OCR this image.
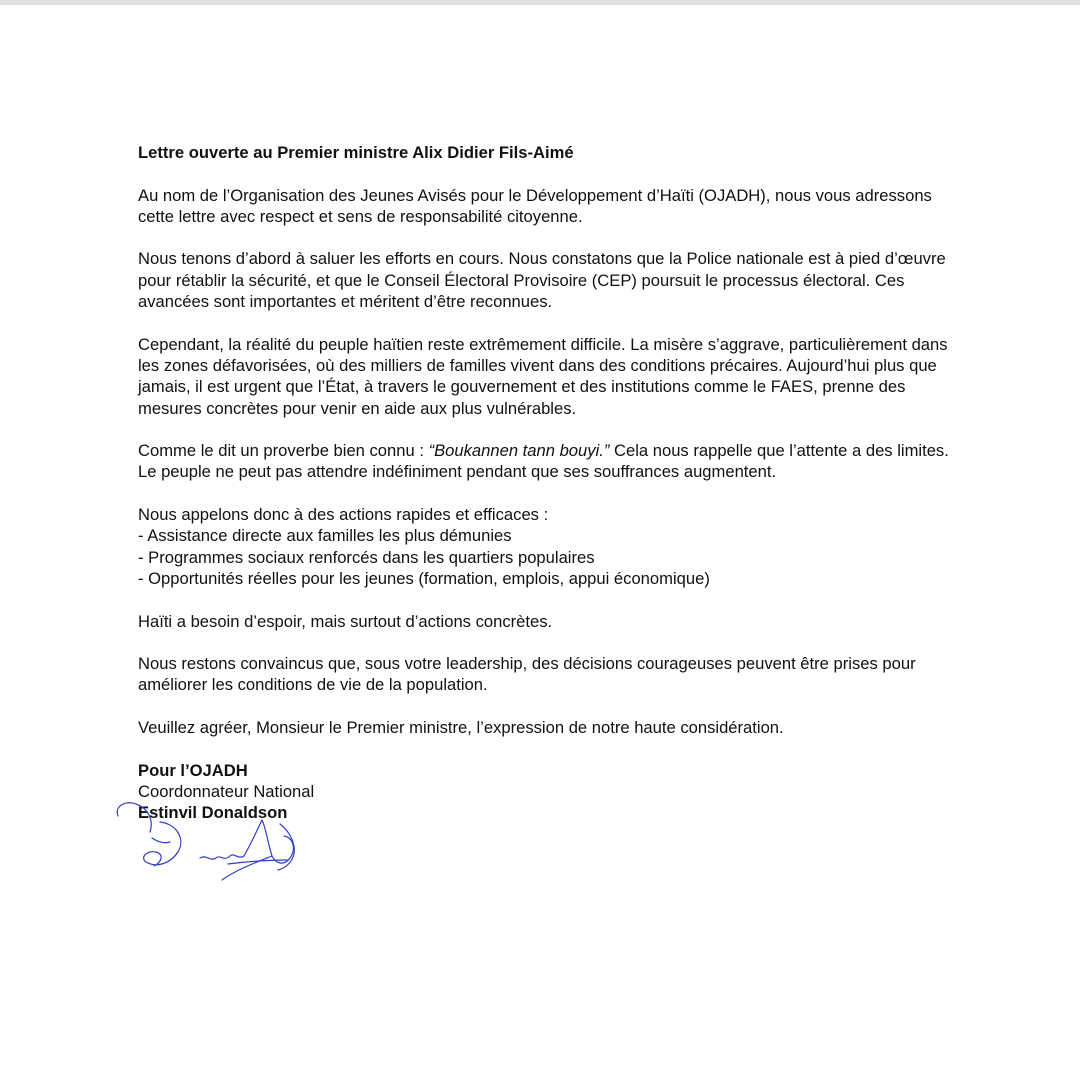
Lettre ouverte au Premier ministre Alix Didier Fils-Aimé

Au nom de l’Organisation des Jeunes Avisés pour le Développement d’Haïti (OJADH), nous vous adressons cette lettre avec respect et sens de responsabilité citoyenne.

Nous tenons d’abord à saluer les efforts en cours. Nous constatons que la Police nationale est à pied d’œuvre pour rétablir la sécurité, et que le Conseil Électoral Provisoire (CEP) poursuit le processus électoral. Ces avancées sont importantes et méritent d’être reconnues.

Cependant, la réalité du peuple haïtien reste extrêmement difficile. La misère s’aggrave, particulièrement dans les zones défavorisées, où des milliers de familles vivent dans des conditions précaires. Aujourd’hui plus que jamais, il est urgent que l’État, à travers le gouvernement et des institutions comme le FAES, prenne des mesures concrètes pour venir en aide aux plus vulnérables.

Comme le dit un proverbe bien connu : “Boukannen tann bouyi.” Cela nous rappelle que l’attente a des limites. Le peuple ne peut pas attendre indéfiniment pendant que ses souffrances augmentent.

Nous appelons donc à des actions rapides et efficaces :
- Assistance directe aux familles les plus démunies
- Programmes sociaux renforcés dans les quartiers populaires
- Opportunités réelles pour les jeunes (formation, emplois, appui économique)

Haïti a besoin d’espoir, mais surtout d’actions concrètes.

Nous restons convaincus que, sous votre leadership, des décisions courageuses peuvent être prises pour améliorer les conditions de vie de la population.

Veuillez agréer, Monsieur le Premier ministre, l’expression de notre haute considération.

Pour l’OJADH
Coordonnateur National
Estinvil Donaldson
